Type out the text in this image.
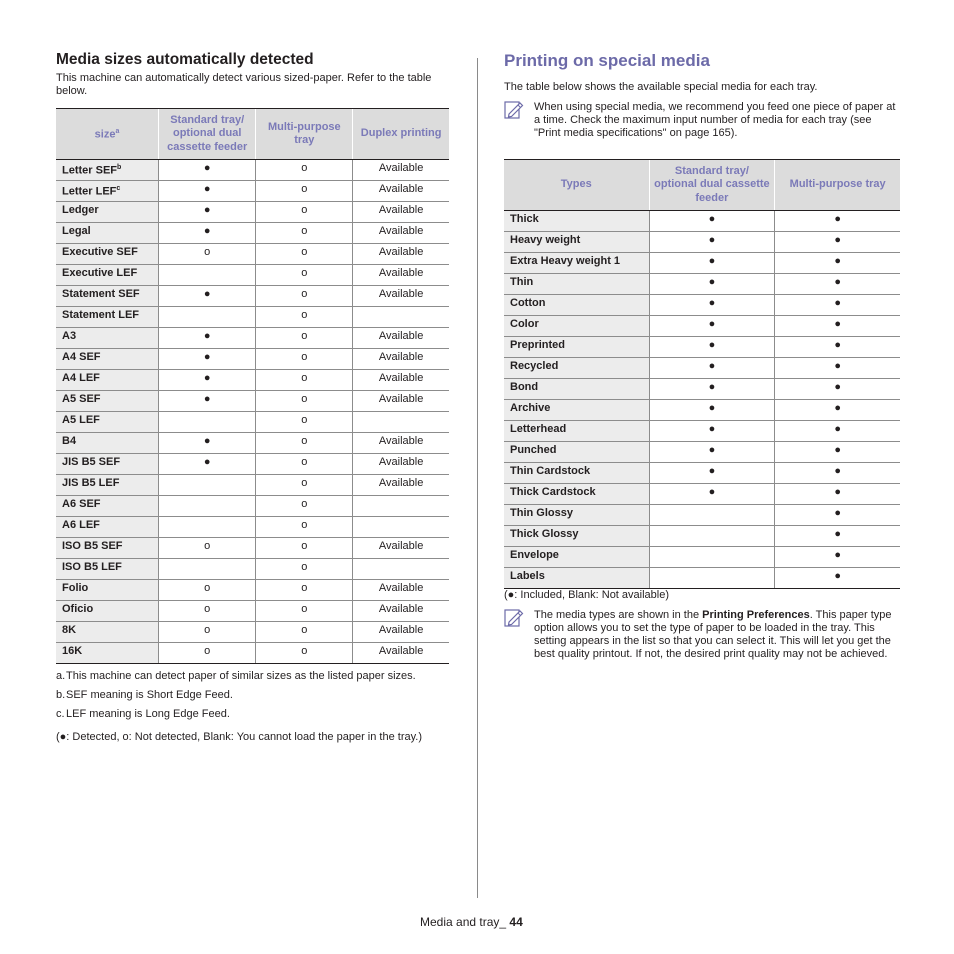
Media sizes automatically detected

This machine can automatically detect various sized-paper. Refer to the table below.

size$^a$	Standard tray/ optional dual cassette feeder	Multi-purpose tray	Duplex printing
Letter SEF$^b$	●	o	Available
Letter LEF$^c$	●	o	Available
Ledger	●	o	Available
Legal	●	o	Available
Executive SEF	o	o	Available
Executive LEF		o	Available
Statement SEF	●	o	Available
Statement LEF		o	
A3	●	o	Available
A4 SEF	●	o	Available
A4 LEF	●	o	Available
A5 SEF	●	o	Available
A5 LEF		o	
B4	●	o	Available
JIS B5 SEF	●	o	Available
JIS B5 LEF		o	Available
A6 SEF		o	
A6 LEF		o	
ISO B5 SEF	o	o	Available
ISO B5 LEF		o	
Folio	o	o	Available
Oficio	o	o	Available
8K	o	o	Available
16K	o	o	Available
a. This machine can detect paper of similar sizes as the listed paper sizes.
b. SEF meaning is Short Edge Feed.
c. LEF meaning is Long Edge Feed.
(●: Detected, o: Not detected, Blank: You cannot load the paper in the tray.)
Printing on special media

The table below shows the available special media for each tray.

When using special media, we recommend you feed one piece of paper at a time. Check the maximum input number of media for each tray (see "Print media specifications" on page 165).
Types	Standard tray/ optional dual cassette feeder	Multi-purpose tray
Thick	●	●
Heavy weight	●	●
Extra Heavy weight 1	●	●
Thin	●	●
Cotton	●	●
Color	●	●
Preprinted	●	●
Recycled	●	●
Bond	●	●
Archive	●	●
Letterhead	●	●
Punched	●	●
Thin Cardstock	●	●
Thick Cardstock	●	●
Thin Glossy		●
Thick Glossy		●
Envelope		●
Labels		●
(●: Included, Blank: Not available)
The media types are shown in the Printing Preferences. This paper type option allows you to set the type of paper to be loaded in the tray. This setting appears in the list so that you can select it. This will let you get the best quality printout. If not, the desired print quality may not be achieved.
Media and tray_ 44
